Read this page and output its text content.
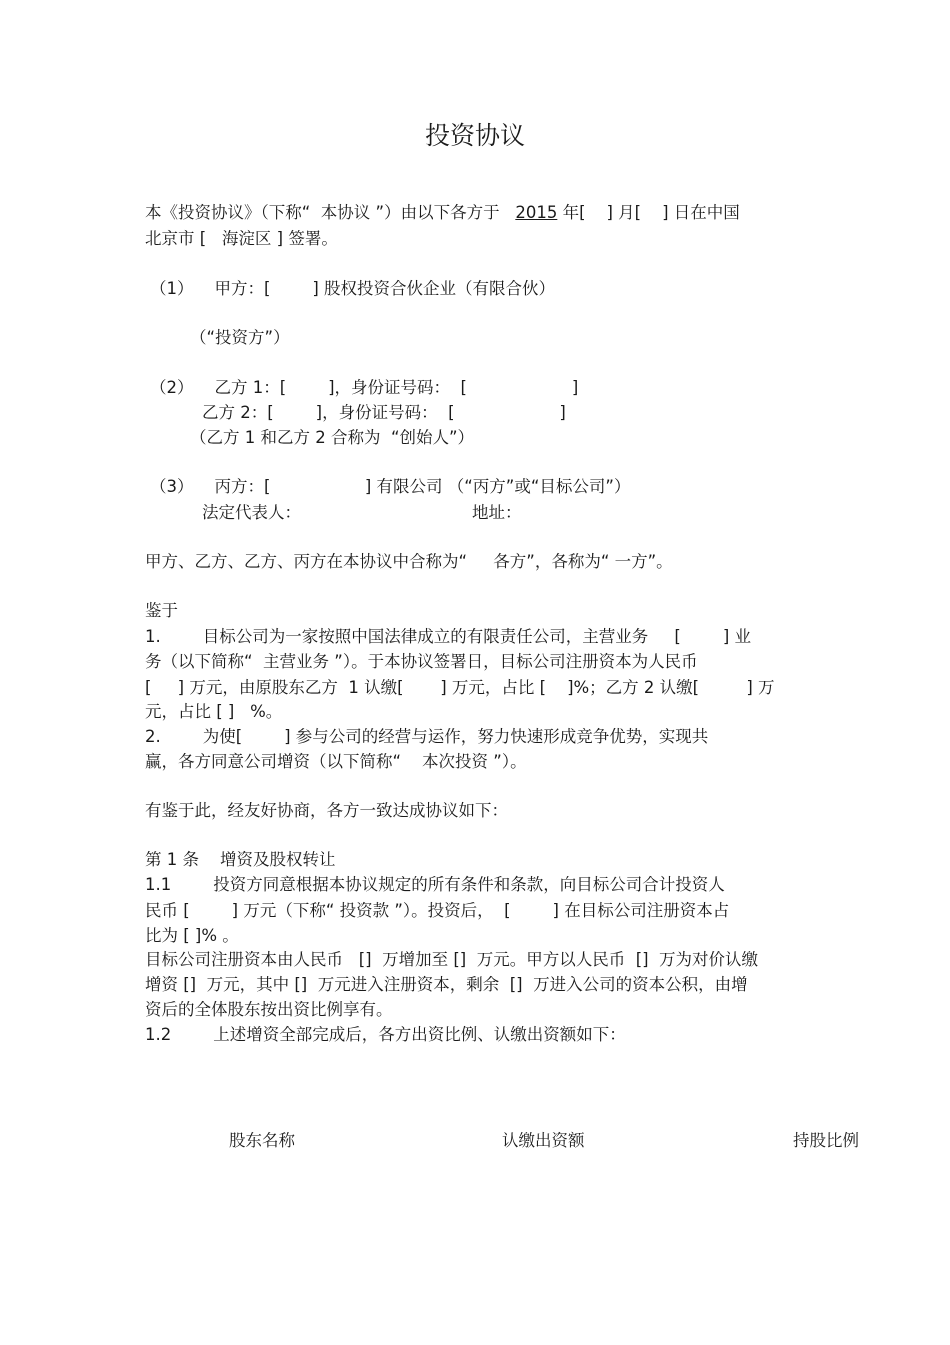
投资协议
本《投资协议》（下称“  本协议 ”）由以下各方于   2015 年[    ] 月[    ] 日在中国
北京市 [   海淀区 ] 签署。
（1）    甲方：[        ] 股权投资合伙企业（有限合伙）
（“投资方”）
（2）    乙方 1：[        ]，身份证号码：  [                    ]
乙方 2：[        ]，身份证号码：  [                    ]
（乙方 1 和乙方 2 合称为  “创始人”）
（3）    丙方：[                  ] 有限公司 （“丙方”或“目标公司”）
法定代表人：	地址：
甲方、乙方、乙方、丙方在本协议中合称为“     各方”，各称为“ 一方”。
鉴于
1.        目标公司为一家按照中国法律成立的有限责任公司，主营业务     [        ] 业
务（以下简称“  主营业务 ”）。于本协议签署日，目标公司注册资本为人民币
[     ] 万元，由原股东乙方  1 认缴[       ] 万元，占比 [    ]%；乙方 2 认缴[         ] 万
元，占比 [ ]   %。
2.        为使[        ] 参与公司的经营与运作，努力快速形成竞争优势，实现共
赢，各方同意公司增资（以下简称“    本次投资 ”）。
有鉴于此，经友好协商，各方一致达成协议如下：
第 1 条    增资及股权转让
1.1        投资方同意根据本协议规定的所有条件和条款，向目标公司合计投资人
民币 [        ] 万元（下称“ 投资款 ”）。投资后，  [        ] 在目标公司注册资本占
比为 [ ]% 。
目标公司注册资本由人民币   []  万增加至 []  万元。甲方以人民币  []  万为对价认缴
增资 []  万元，其中 []  万元进入注册资本，剩余  []  万进入公司的资本公积，由增
资后的全体股东按出资比例享有。
1.2        上述增资全部完成后，各方出资比例、认缴出资额如下：
股东名称	认缴出资额	持股比例
